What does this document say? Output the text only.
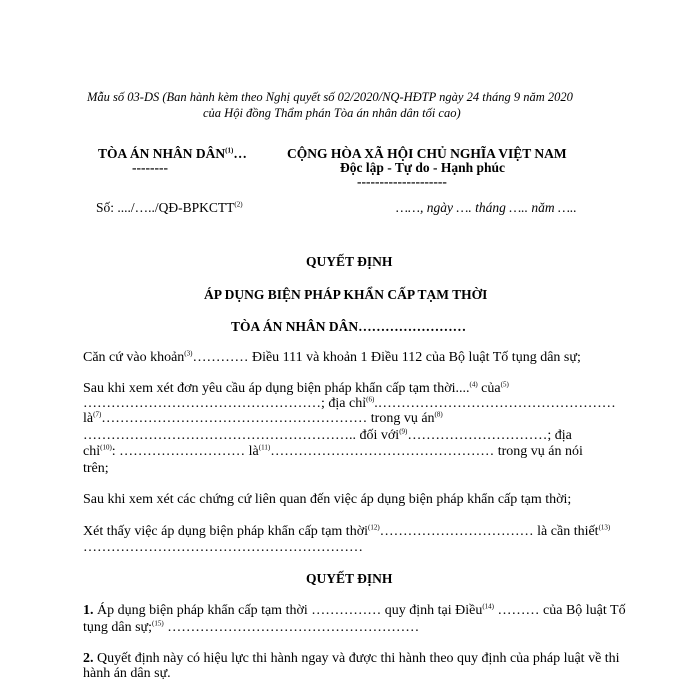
Mẫu số 03-DS (Ban hành kèm theo Nghị quyết số 02/2020/NQ-HĐTP ngày 24 tháng 9 năm 2020
của Hội đồng Thẩm phán Tòa án nhân dân tối cao)
TÒA ÁN NHÂN DÂN$^{(1)}$…
--------
CỘNG HÒA XÃ HỘI CHỦ NGHĨA VIỆT NAM
Độc lập - Tự do - Hạnh phúc
--------------------
Số: ..../…../QĐ-BPKCTT$^{(2)}$	……, ngày …. tháng ….. năm …..
QUYẾT ĐỊNH
ÁP DỤNG BIỆN PHÁP KHẨN CẤP TẠM THỜI
TÒA ÁN NHÂN DÂN……………………
Căn cứ vào khoản$^{(3)}$………… Điều 111 và khoản 1 Điều 112 của Bộ luật Tố tụng dân sự;
Sau khi xem xét đơn yêu cầu áp dụng biện pháp khẩn cấp tạm thời....$^{(4)}$ của$^{(5)}$
……………………………………………; địa chỉ$^{(6)}$.……………………………………………
$là^{(7)}\dots\dots\dots\dots\dots\dots\dots\dots\dots\dots\dots\dots\dots\dots\dots\dots\dots\dots\dots$ trong vụ $án^{(8)}$
………………………………………………….. đối với$^{(9)}$…………………………; địa
chỉ$^{(10)}$: ……………………… $là^{(11)}\dots\dots\dots\dots\dots\dots\dots\dots\dots\dots\dots\dots\dots\dots\dots\dots$ trong vụ án nói
trên;
Sau khi xem xét các chứng cứ liên quan đến việc áp dụng biện pháp khẩn cấp tạm thời;
Xét thấy việc áp dụng biện pháp khẩn cấp tạm thời$^{(12)}$…………………………… là cần thiết$^{(13)}$
……………………………………………………
QUYẾT ĐỊNH
1. Áp dụng biện pháp khẩn cấp tạm thời …………… quy định tại Điều$^{(14)}$ ……… của Bộ luật Tố
tụng dân sự;$^{(15)}$ ………………………………………………
2. Quyết định này có hiệu lực thi hành ngay và được thi hành theo quy định của pháp luật về thi
hành án dân sự.
